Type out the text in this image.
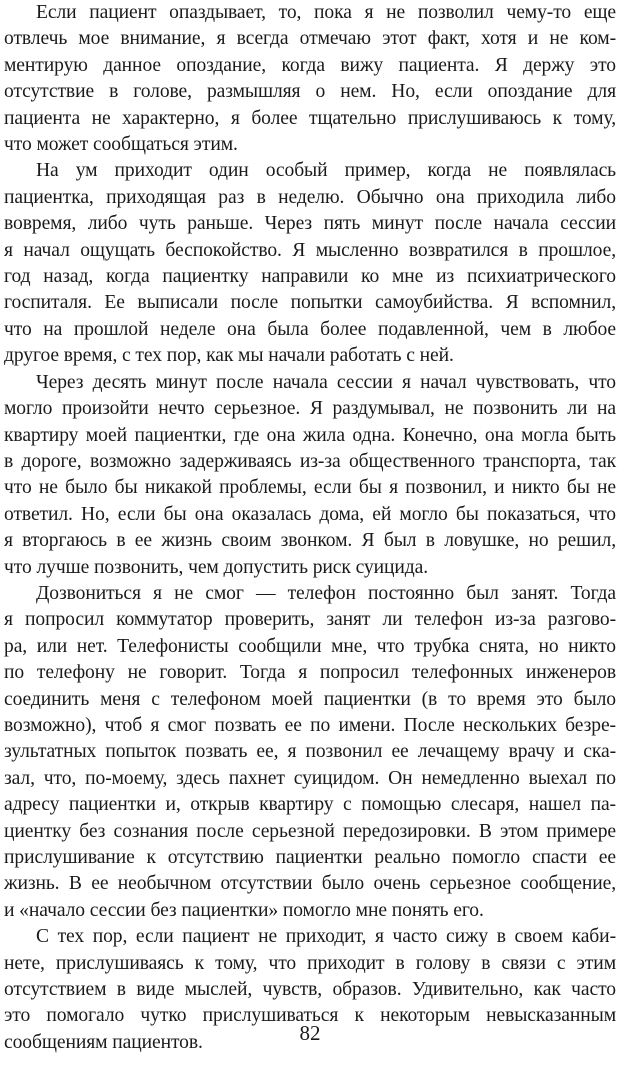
Если пациент опаздывает, то, пока я не позволил чему-то еще
отвлечь мое внимание, я всегда отмечаю этот факт, хотя и не ком-
ментирую данное опоздание, когда вижу пациента. Я держу это
отсутствие в голове, размышляя о нем. Но, если опоздание для
пациента не характерно, я более тщательно прислушиваюсь к тому,
что может сообщаться этим.
На ум приходит один особый пример, когда не появлялась
пациентка, приходящая раз в неделю. Обычно она приходила либо
вовремя, либо чуть раньше. Через пять минут после начала сессии
я начал ощущать беспокойство. Я мысленно возвратился в прошлое,
год назад, когда пациентку направили ко мне из психиатрического
госпиталя. Ее выписали после попытки самоубийства. Я вспомнил,
что на прошлой неделе она была более подавленной, чем в любое
другое время, с тех пор, как мы начали работать с ней.
Через десять минут после начала сессии я начал чувствовать, что
могло произойти нечто серьезное. Я раздумывал, не позвонить ли на
квартиру моей пациентки, где она жила одна. Конечно, она могла быть
в дороге, возможно задерживаясь из-за общественного транспорта, так
что не было бы никакой проблемы, если бы я позвонил, и никто бы не
ответил. Но, если бы она оказалась дома, ей могло бы показаться, что
я вторгаюсь в ее жизнь своим звонком. Я был в ловушке, но решил,
что лучше позвонить, чем допустить риск суицида.
Дозвониться я не смог — телефон постоянно был занят. Тогда
я попросил коммутатор проверить, занят ли телефон из-за разгово-
ра, или нет. Телефонисты сообщили мне, что трубка снята, но никто
по телефону не говорит. Тогда я попросил телефонных инженеров
соединить меня с телефоном моей пациентки (в то время это было
возможно), чтоб я смог позвать ее по имени. После нескольких безре-
зультатных попыток позвать ее, я позвонил ее лечащему врачу и ска-
зал, что, по-моему, здесь пахнет суицидом. Он немедленно выехал по
адресу пациентки и, открыв квартиру с помощью слесаря, нашел па-
циентку без сознания после серьезной передозировки. В этом примере
прислушивание к отсутствию пациентки реально помогло спасти ее
жизнь. В ее необычном отсутствии было очень серьезное сообщение,
и «начало сессии без пациентки» помогло мне понять его.
С тех пор, если пациент не приходит, я часто сижу в своем каби-
нете, прислушиваясь к тому, что приходит в голову в связи с этим
отсутствием в виде мыслей, чувств, образов. Удивительно, как часто
это помогало чутко прислушиваться к некоторым невысказанным
сообщениям пациентов.	82
